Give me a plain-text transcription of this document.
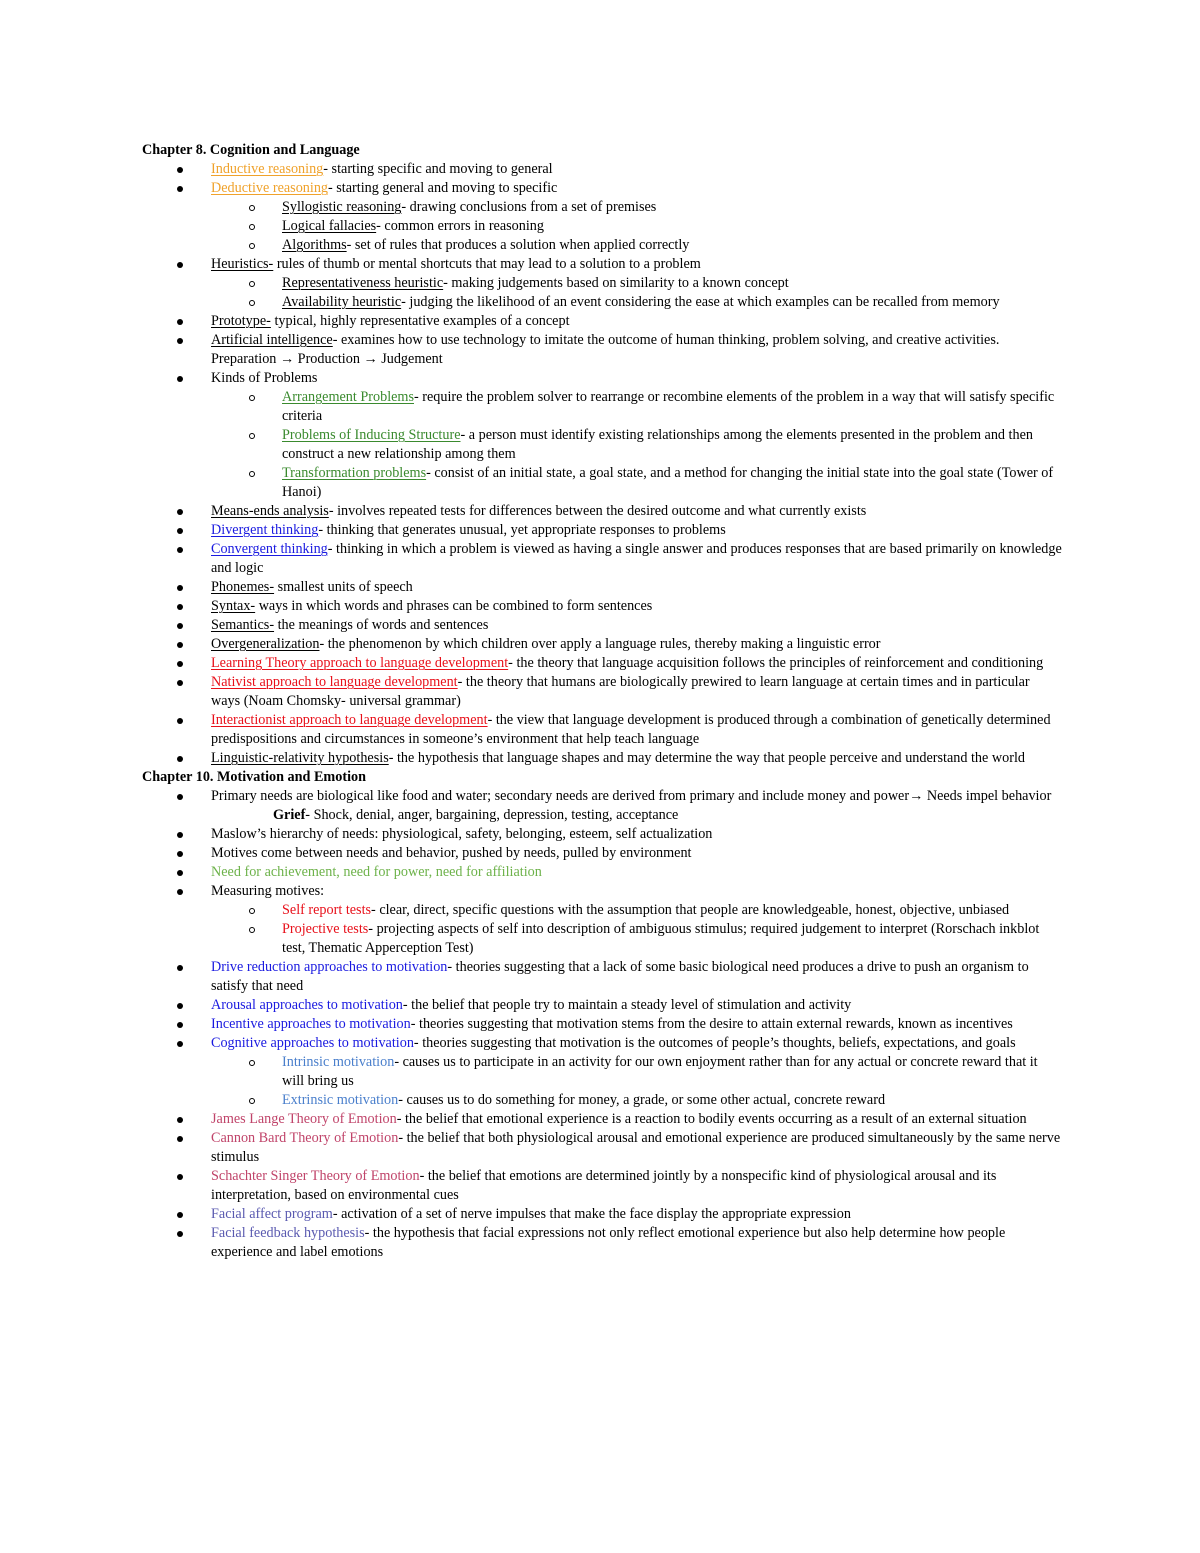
Chapter 8. Cognition and Language

Inductive reasoning- starting specific and moving to general
Deductive reasoning- starting general and moving to specific
Syllogistic reasoning- drawing conclusions from a set of premises
Logical fallacies- common errors in reasoning
Algorithms- set of rules that produces a solution when applied correctly
Heuristics- rules of thumb or mental shortcuts that may lead to a solution to a problem
Representativeness heuristic- making judgements based on similarity to a known concept
Availability heuristic- judging the likelihood of an event considering the ease at which examples can be recalled from memory
Prototype- typical, highly representative examples of a concept
Artificial intelligence- examines how to use technology to imitate the outcome of human thinking, problem solving, and creative activities. Preparation → Production → Judgement
Kinds of Problems
Arrangement Problems- require the problem solver to rearrange or recombine elements of the problem in a way that will satisfy specific criteria
Problems of Inducing Structure- a person must identify existing relationships among the elements presented in the problem and then construct a new relationship among them
Transformation problems- consist of an initial state, a goal state, and a method for changing the initial state into the goal state (Tower of Hanoi)
Means-ends analysis- involves repeated tests for differences between the desired outcome and what currently exists
Divergent thinking- thinking that generates unusual, yet appropriate responses to problems
Convergent thinking- thinking in which a problem is viewed as having a single answer and produces responses that are based primarily on knowledge and logic
Phonemes- smallest units of speech
Syntax- ways in which words and phrases can be combined to form sentences
Semantics- the meanings of words and sentences
Overgeneralization- the phenomenon by which children over apply a language rules, thereby making a linguistic error
Learning Theory approach to language development- the theory that language acquisition follows the principles of reinforcement and conditioning
Nativist approach to language development- the theory that humans are biologically prewired to learn language at certain times and in particular ways (Noam Chomsky- universal grammar)
Interactionist approach to language development- the view that language development is produced through a combination of genetically determined predispositions and circumstances in someone’s environment that help teach language
Linguistic-relativity hypothesis- the hypothesis that language shapes and may determine the way that people perceive and understand the world

Chapter 10. Motivation and Emotion

Primary needs are biological like food and water; secondary needs are derived from primary and include money and power→ Needs impel behaviorGrief- Shock, denial, anger, bargaining, depression, testing, acceptance
Maslow’s hierarchy of needs: physiological, safety, belonging, esteem, self actualization
Motives come between needs and behavior, pushed by needs, pulled by environment
Need for achievement, need for power, need for affiliation
Measuring motives:
Self report tests- clear, direct, specific questions with the assumption that people are knowledgeable, honest, objective, unbiased
Projective tests- projecting aspects of self into description of ambiguous stimulus; required judgement to interpret (Rorschach inkblot test, Thematic Apperception Test)
Drive reduction approaches to motivation- theories suggesting that a lack of some basic biological need produces a drive to push an organism to satisfy that need
Arousal approaches to motivation- the belief that people try to maintain a steady level of stimulation and activity
Incentive approaches to motivation- theories suggesting that motivation stems from the desire to attain external rewards, known as incentives
Cognitive approaches to motivation- theories suggesting that motivation is the outcomes of people’s thoughts, beliefs, expectations, and goals
Intrinsic motivation- causes us to participate in an activity for our own enjoyment rather than for any actual or concrete reward that it will bring us
Extrinsic motivation- causes us to do something for money, a grade, or some other actual, concrete reward
James Lange Theory of Emotion- the belief that emotional experience is a reaction to bodily events occurring as a result of an external situation
Cannon Bard Theory of Emotion- the belief that both physiological arousal and emotional experience are produced simultaneously by the same nerve stimulus
Schachter Singer Theory of Emotion- the belief that emotions are determined jointly by a nonspecific kind of physiological arousal and its interpretation, based on environmental cues
Facial affect program- activation of a set of nerve impulses that make the face display the appropriate expression
Facial feedback hypothesis- the hypothesis that facial expressions not only reflect emotional experience but also help determine how people experience and label emotions
